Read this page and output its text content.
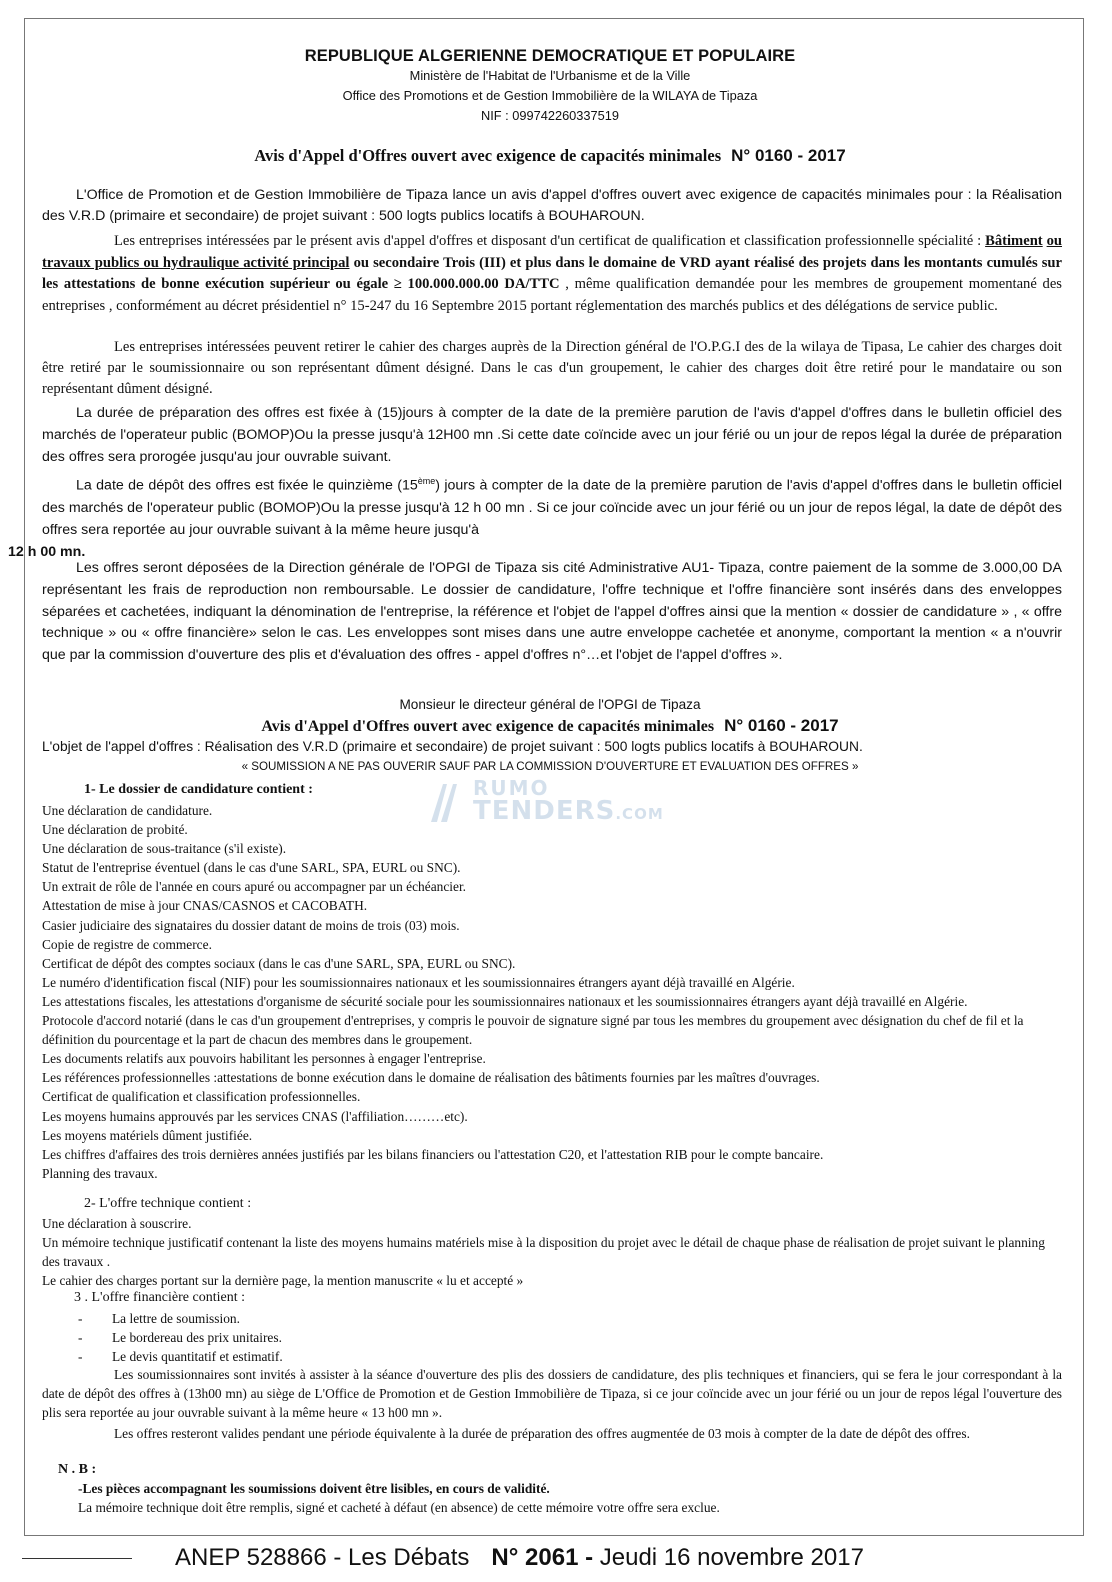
REPUBLIQUE ALGERIENNE DEMOCRATIQUE ET POPULAIRE
Ministère de l'Habitat de l'Urbanisme et de la Ville
Office des Promotions et de Gestion Immobilière de la WILAYA de Tipaza
NIF : 099742260337519
Avis d'Appel d'Offres ouvert avec exigence de capacités minimales N° 0160 - 2017

L'Office de Promotion et de Gestion Immobilière de Tipaza lance un avis d'appel d'offres ouvert avec exigence de capacités minimales pour : la Réalisation des V.R.D (primaire et secondaire) de projet suivant : 500 logts publics locatifs à BOUHAROUN.

Les entreprises intéressées par le présent avis d'appel d'offres et disposant d'un certificat de qualification et classification professionnelle spécialité : Bâtiment ou travaux publics ou hydraulique activité principal ou secondaire Trois (III) et plus dans le domaine de VRD ayant réalisé des projets dans les montants cumulés sur les attestations de bonne exécution supérieur ou égale ≥ 100.000.000.00 DA/TTC , même qualification demandée pour les membres de groupement momentané des entreprises , conformément au décret présidentiel n° 15-247 du 16 Septembre 2015 portant réglementation des marchés publics et des délégations de service public.

Les entreprises intéressées peuvent retirer le cahier des charges auprès de la Direction général de l'O.P.G.I des de la wilaya de Tipasa, Le cahier des charges doit être retiré par le soumissionnaire ou son représentant dûment désigné. Dans le cas d'un groupement, le cahier des charges doit être retiré pour le mandataire ou son représentant dûment désigné.

La durée de préparation des offres est fixée à (15)jours à compter de la date de la première parution de l'avis d'appel d'offres dans le bulletin officiel des marchés de l'operateur public (BOMOP)Ou la presse jusqu'à 12H00 mn .Si cette date coïncide avec un jour férié ou un jour de repos légal la durée de préparation des offres sera prorogée jusqu'au jour ouvrable suivant.

La date de dépôt des offres est fixée le quinzième (15ème) jours à compter de la date de la première parution de l'avis d'appel d'offres dans le bulletin officiel des marchés de l'operateur public (BOMOP)Ou la presse jusqu'à 12 h 00 mn . Si ce jour coïncide avec un jour férié ou un jour de repos légal, la date de dépôt des offres sera reportée au jour ouvrable suivant à la même heure jusqu'à
12 h 00 mn.

Les offres seront déposées de la Direction générale de l'OPGI de Tipaza sis cité Administrative AU1- Tipaza, contre paiement de la somme de 3.000,00 DA représentant les frais de reproduction non remboursable. Le dossier de candidature, l'offre technique et l'offre financière sont insérés dans des enveloppes séparées et cachetées, indiquant la dénomination de l'entreprise, la référence et l'objet de l'appel d'offres ainsi que la mention « dossier de candidature » , « offre technique » ou « offre financière» selon le cas. Les enveloppes sont mises dans une autre enveloppe cachetée et anonyme, comportant la mention « a n'ouvrir que par la commission d'ouverture des plis et d'évaluation des offres - appel d'offres n°…et l'objet de l'appel d'offres ».

Monsieur le directeur général de l'OPGI de Tipaza
Avis d'Appel d'Offres ouvert avec exigence de capacités minimales N° 0160 - 2017
L'objet de l'appel d'offres : Réalisation des V.R.D (primaire et secondaire) de projet suivant : 500 logts publics locatifs à BOUHAROUN.
« SOUMISSION A NE PAS OUVERIR SAUF PAR LA COMMISSION D'OUVERTURE ET EVALUATION DES OFFRES »
RUMO
TENDERS.COM
1- Le dossier de candidature contient :
Une déclaration de candidature.
Une déclaration de probité.
Une déclaration de sous-traitance (s'il existe).
Statut de l'entreprise éventuel (dans le cas d'une SARL, SPA, EURL ou SNC).
Un extrait de rôle de l'année en cours apuré ou accompagner par un échéancier.
Attestation de mise à jour CNAS/CASNOS et CACOBATH.
Casier judiciaire des signataires du dossier datant de moins de trois (03) mois.
Copie de registre de commerce.
Certificat de dépôt des comptes sociaux (dans le cas d'une SARL, SPA, EURL ou SNC).
Le numéro d'identification fiscal (NIF) pour les soumissionnaires nationaux et les soumissionnaires étrangers ayant déjà travaillé en Algérie.
Les attestations fiscales, les attestations d'organisme de sécurité sociale pour les soumissionnaires nationaux et les soumissionnaires étrangers ayant déjà travaillé en Algérie.
Protocole d'accord notarié (dans le cas d'un groupement d'entreprises, y compris le pouvoir de signature signé par tous les membres du groupement avec désignation du chef de fil et la définition du pourcentage et la part de chacun des membres dans le groupement.
Les documents relatifs aux pouvoirs habilitant les personnes à engager l'entreprise.
Les références professionnelles :attestations de bonne exécution dans le domaine de réalisation des bâtiments fournies par les maîtres d'ouvrages.
Certificat de qualification et classification professionnelles.
Les moyens humains approuvés par les services CNAS (l'affiliation………etc).
Les moyens matériels dûment justifiée.
Les chiffres d'affaires des trois dernières années justifiés par les bilans financiers ou l'attestation C20, et l'attestation RIB pour le compte bancaire.
Planning des travaux.
2- L'offre technique contient :
Une déclaration à souscrire.
Un mémoire technique justificatif contenant la liste des moyens humains matériels mise à la disposition du projet avec le détail de chaque phase de réalisation de projet suivant le planning des travaux .
Le cahier des charges portant sur la dernière page, la mention manuscrite « lu et accepté »
3 . L'offre financière contient :
- La lettre de soumission.
- Le bordereau des prix unitaires.
- Le devis quantitatif et estimatif.

Les soumissionnaires sont invités à assister à la séance d'ouverture des plis des dossiers de candidature, des plis techniques et financiers, qui se fera le jour correspondant à la date de dépôt des offres à (13h00 mn) au siège de L'Office de Promotion et de Gestion Immobilière de Tipaza, si ce jour coïncide avec un jour férié ou un jour de repos légal l'ouverture des plis sera reportée au jour ouvrable suivant à la même heure « 13 h00 mn ».

Les offres resteront valides pendant une période équivalente à la durée de préparation des offres augmentée de 03 mois à compter de la date de dépôt des offres.

N . B :
-Les pièces accompagnant les soumissions doivent être lisibles, en cours de validité.
La mémoire technique doit être remplis, signé et cacheté à défaut (en absence) de cette mémoire votre offre sera exclue.
ANEP 528866 - Les Débats N° 2061 - Jeudi 16 novembre 2017
